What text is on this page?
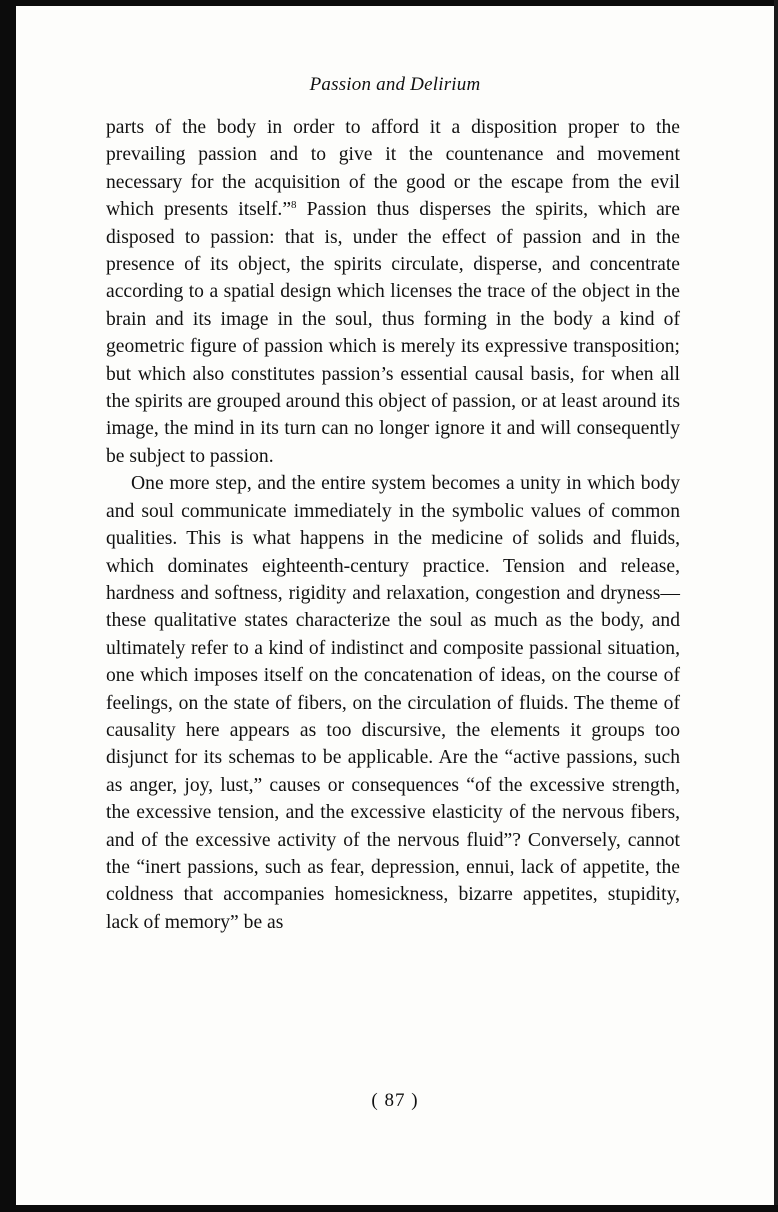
Passion and Delirium

parts of the body in order to afford it a disposition proper to the prevailing passion and to give it the countenance and movement necessary for the acquisition of the good or the escape from the evil which presents itself.”$^8$ Passion thus disperses the spirits, which are disposed to passion: that is, under the effect of passion and in the presence of its object, the spirits circulate, disperse, and concentrate according to a spatial design which licenses the trace of the object in the brain and its image in the soul, thus forming in the body a kind of geometric figure of passion which is merely its expressive transposition; but which also constitutes passion’s essential causal basis, for when all the spirits are grouped around this object of passion, or at least around its image, the mind in its turn can no longer ignore it and will consequently be subject to passion.

One more step, and the entire system becomes a unity in which body and soul communicate immediately in the symbolic values of common qualities. This is what happens in the medicine of solids and fluids, which dominates eighteenth-century practice. Tension and release, hardness and softness, rigidity and relaxation, congestion and dryness— these qualitative states characterize the soul as much as the body, and ultimately refer to a kind of indistinct and composite passional situation, one which imposes itself on the concatenation of ideas, on the course of feelings, on the state of fibers, on the circulation of fluids. The theme of causality here appears as too discursive, the elements it groups too disjunct for its schemas to be applicable. Are the “active passions, such as anger, joy, lust,” causes or consequences “of the excessive strength, the excessive tension, and the excessive elasticity of the nervous fibers, and of the excessive activity of the nervous fluid”? Conversely, cannot the “inert passions, such as fear, depression, ennui, lack of appetite, the coldness that accompanies homesickness, bizarre appetites, stupidity, lack of memory” be as

( 87 )
